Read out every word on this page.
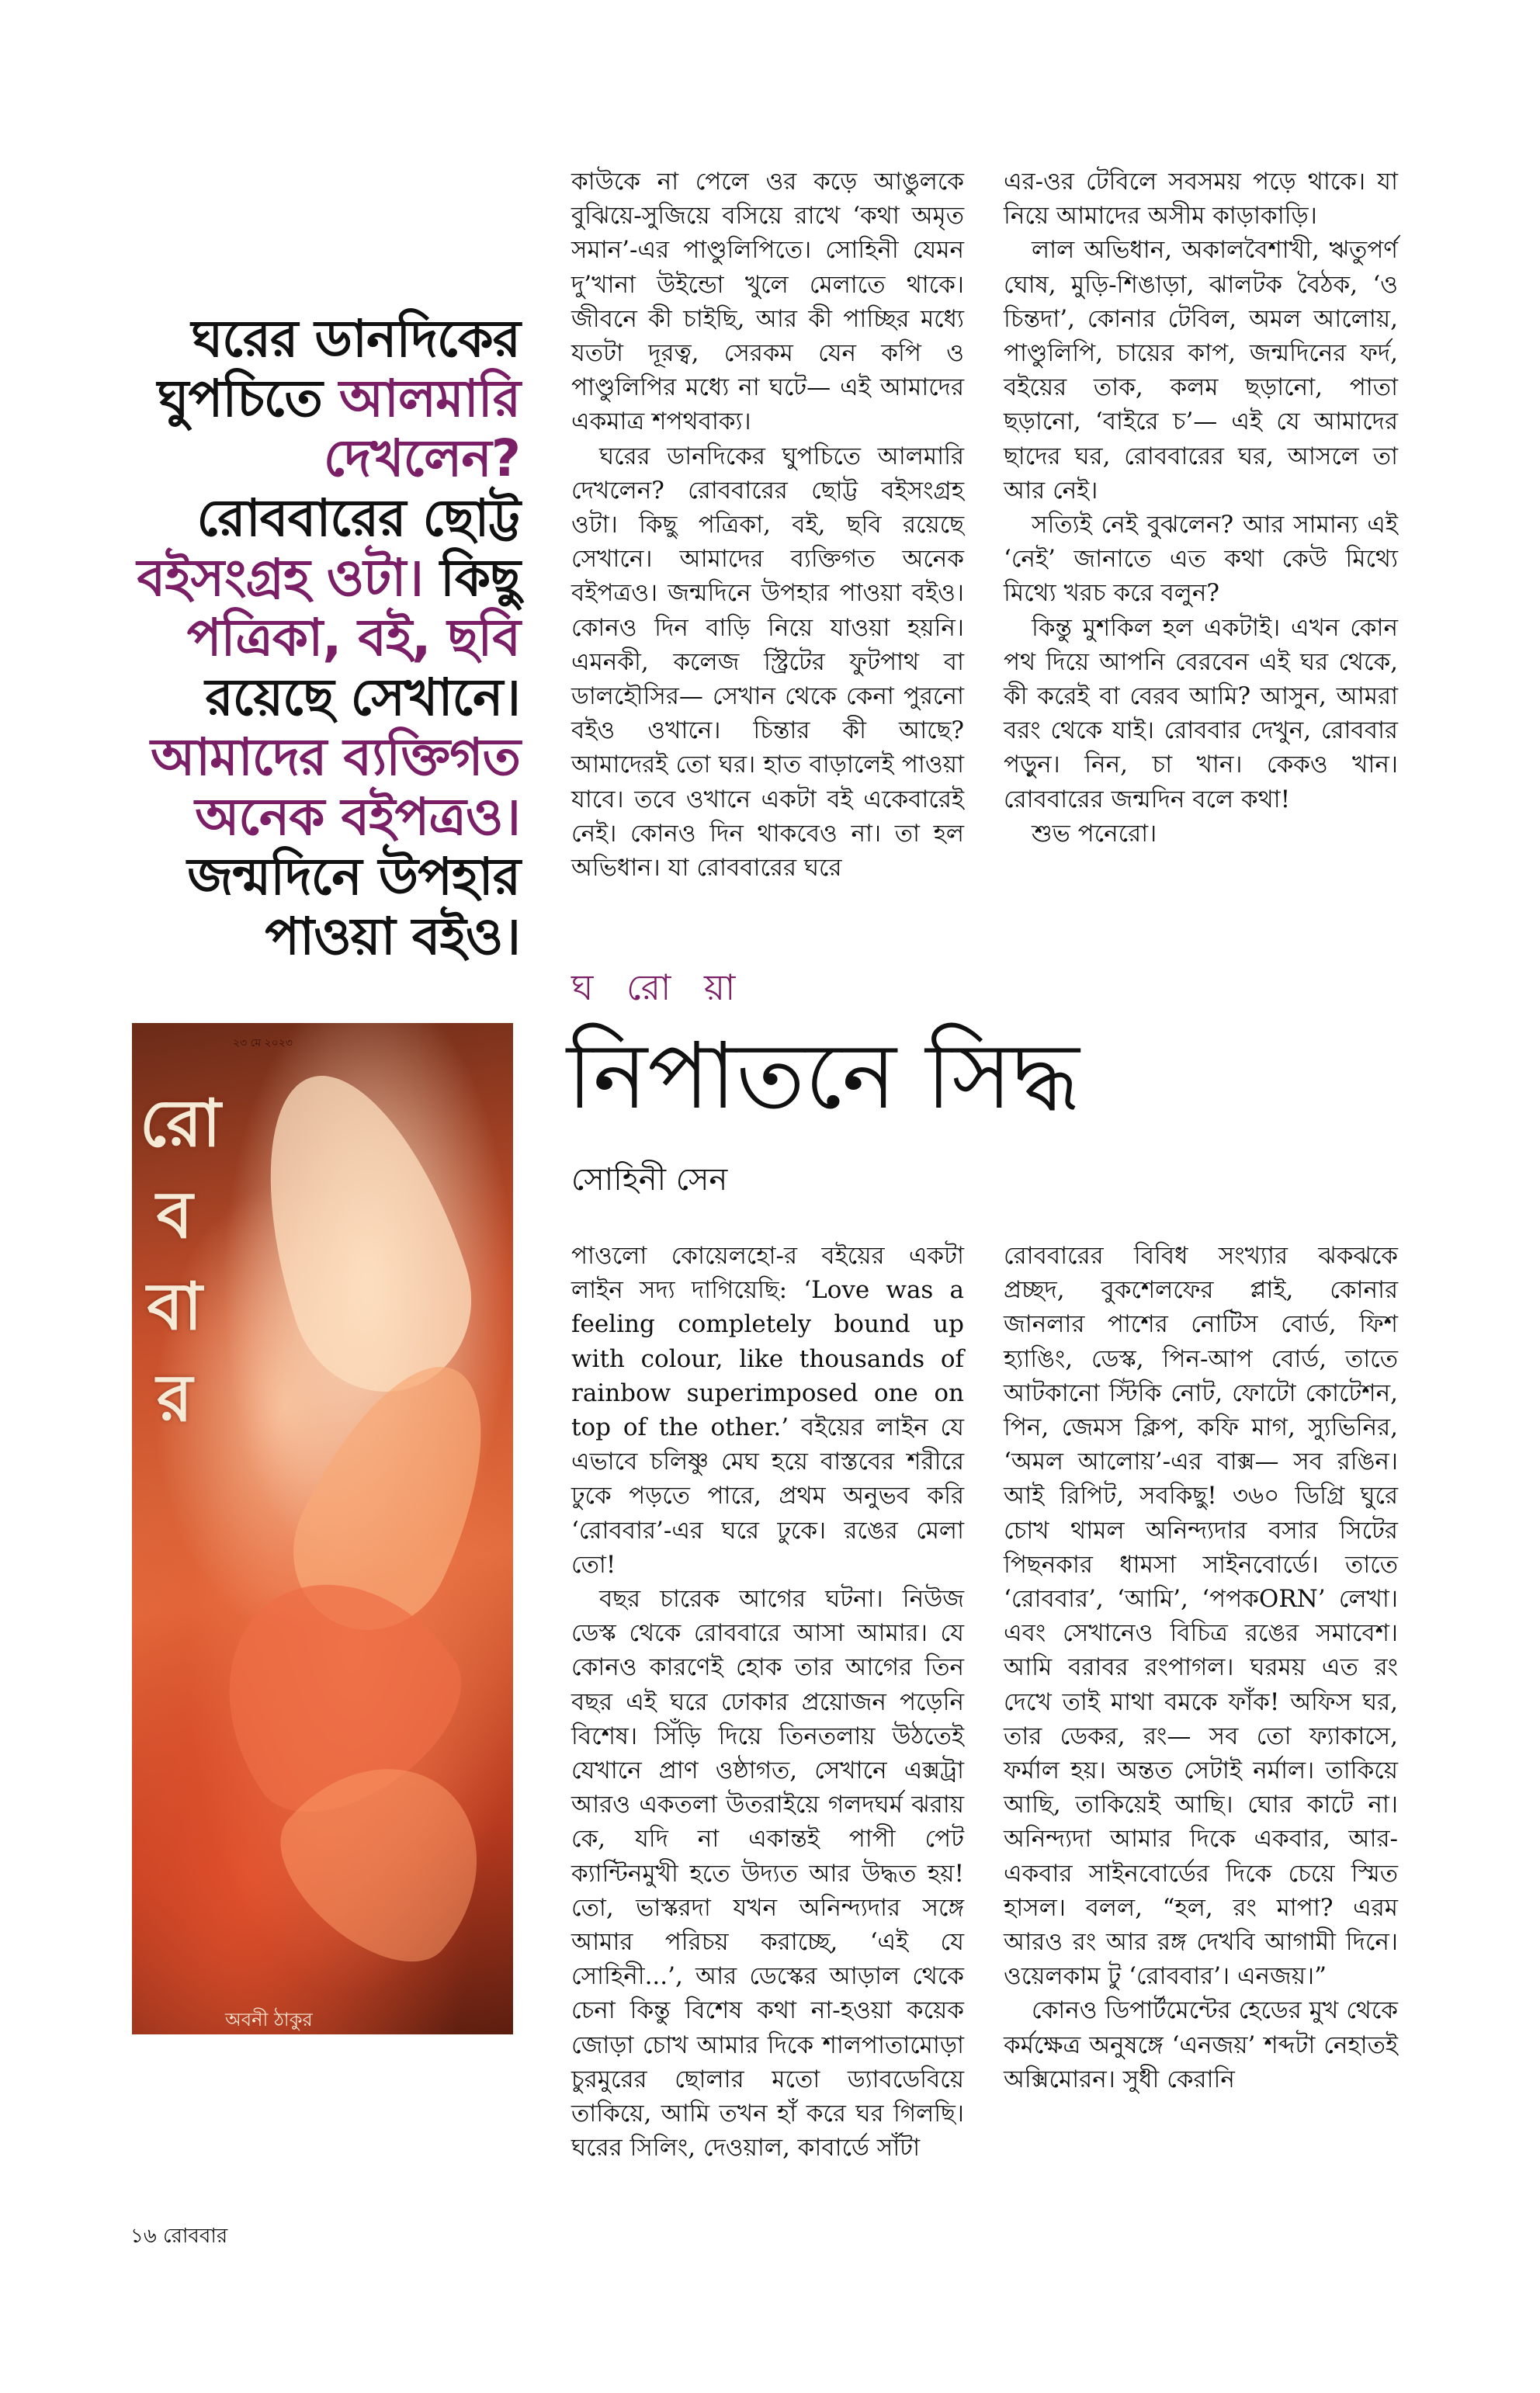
ঘরের ডানদিকের
ঘুপচিতে আলমারি
দেখলেন?
রোববারের ছোট্ট
বইসংগ্রহ ওটা। কিছু
পত্রিকা, বই, ছবি
রয়েছে সেখানে।
আমাদের ব্যক্তিগত
অনেক বইপত্রও।
জন্মদিনে উপহার
পাওয়া বইও।

কাউকে না পেলে ওর কড়ে আঙুলকে বুঝিয়ে-সুজিয়ে বসিয়ে রাখে ‘কথা অমৃত সমান’-এর পাণ্ডুলিপিতে। সোহিনী যেমন দু’খানা উইন্ডো খুলে মেলাতে থাকে। জীবনে কী চাইছি, আর কী পাচ্ছির মধ্যে যতটা দূরত্ব, সেরকম যেন কপি ও পাণ্ডুলিপির মধ্যে না ঘটে— এই আমাদের একমাত্র শপথবাক্য।

ঘরের ডানদিকের ঘুপচিতে আলমারি দেখলেন? রোববারের ছোট্ট বইসংগ্রহ ওটা। কিছু পত্রিকা, বই, ছবি রয়েছে সেখানে। আমাদের ব্যক্তিগত অনেক বইপত্রও। জন্মদিনে উপহার পাওয়া বইও। কোনও দিন বাড়ি নিয়ে যাওয়া হয়নি। এমনকী, কলেজ স্ট্রিটের ফুটপাথ বা ডালহৌসির— সেখান থেকে কেনা পুরনো বইও ওখানে। চিন্তার কী আছে? আমাদেরই তো ঘর। হাত বাড়ালেই পাওয়া যাবে। তবে ওখানে একটা বই একেবারেই নেই। কোনও দিন থাকবেও না। তা হল অভিধান। যা রোববারের ঘরে

এর-ওর টেবিলে সবসময় পড়ে থাকে। যা নিয়ে আমাদের অসীম কাড়াকাড়ি।

লাল অভিধান, অকালবৈশাখী, ঋতুপর্ণ ঘোষ, মুড়ি-শিঙাড়া, ঝালটক বৈঠক, ‘ও চিন্তদা’, কোনার টেবিল, অমল আলোয়, পাণ্ডুলিপি, চায়ের কাপ, জন্মদিনের ফর্দ, বইয়ের তাক, কলম ছড়ানো, পাতা ছড়ানো, ‘বাইরে চ’— এই যে আমাদের ছাদের ঘর, রোববারের ঘর, আসলে তা আর নেই।

সত্যিই নেই বুঝলেন? আর সামান্য এই ‘নেই’ জানাতে এত কথা কেউ মিথ্যে মিথ্যে খরচ করে বলুন?

কিন্তু মুশকিল হল একটাই। এখন কোন পথ দিয়ে আপনি বেরবেন এই ঘর থেকে, কী করেই বা বেরব আমি? আসুন, আমরা বরং থেকে যাই। রোববার দেখুন, রোববার পড়ুন। নিন, চা খান। কেকও খান। রোববারের জন্মদিন বলে কথা!

শুভ পনেরো।

ঘ রো য়া
নিপাতনে সিদ্ধ
সোহিনী সেন
২৩ মে ২০২৩
রো
ব
বা
র
অবনী ঠাকুর

পাওলো কোয়েলহো-র বইয়ের একটা লাইন সদ্য দাগিয়েছি: ‘Love was a feeling completely bound up with colour, like thousands of rainbow superimposed one on top of the other.’ বইয়ের লাইন যে এভাবে চলিষ্ণু মেঘ হয়ে বাস্তবের শরীরে ঢুকে পড়তে পারে, প্রথম অনুভব করি ‘রোববার’-এর ঘরে ঢুকে। রঙের মেলা তো!

বছর চারেক আগের ঘটনা। নিউজ ডেস্ক থেকে রোববারে আসা আমার। যে কোনও কারণেই হোক তার আগের তিন বছর এই ঘরে ঢোকার প্রয়োজন পড়েনি বিশেষ। সিঁড়ি দিয়ে তিনতলায় উঠতেই যেখানে প্রাণ ওষ্ঠাগত, সেখানে এক্সট্রা আরও একতলা উতরাইয়ে গলদঘর্ম ঝরায় কে, যদি না একান্তই পাপী পেট ক্যান্টিনমুখী হতে উদ্যত আর উদ্ধত হয়! তো, ভাস্করদা যখন অনিন্দ্যদার সঙ্গে আমার পরিচয় করাচ্ছে, ‘এই যে সোহিনী...’, আর ডেস্কের আড়াল থেকে চেনা কিন্তু বিশেষ কথা না-হওয়া কয়েক জোড়া চোখ আমার দিকে শালপাতামোড়া চুরমুরের ছোলার মতো ড্যাবডেবিয়ে তাকিয়ে, আমি তখন হাঁ করে ঘর গিলছি। ঘরের সিলিং, দেওয়াল, কাবার্ডে সাঁটা

রোববারের বিবিধ সংখ্যার ঝকঝকে প্রচ্ছদ, বুকশেলফের প্লাই, কোনার জানলার পাশের নোটিস বোর্ড, ফিশ হ্যাঙিং, ডেস্ক, পিন-আপ বোর্ড, তাতে আটকানো স্টিকি নোট, ফোটো কোটেশন, পিন, জেমস ক্লিপ, কফি মাগ, স্যুভিনির, ‘অমল আলোয়’-এর বাক্স— সব রঙিন। আই রিপিট, সবকিছু! ৩৬০ ডিগ্রি ঘুরে চোখ থামল অনিন্দ্যদার বসার সিটের পিছনকার ধামসা সাইনবোর্ডে। তাতে ‘রোববার’, ‘আমি’, ‘পপকORN’ লেখা। এবং সেখানেও বিচিত্র রঙের সমাবেশ। আমি বরাবর রংপাগল। ঘরময় এত রং দেখে তাই মাথা বমকে ফাঁক! অফিস ঘর, তার ডেকর, রং— সব তো ফ্যাকাসে, ফর্মাল হয়। অন্তত সেটাই নর্মাল। তাকিয়ে আছি, তাকিয়েই আছি। ঘোর কাটে না। অনিন্দ্যদা আমার দিকে একবার, আর-একবার সাইনবোর্ডের দিকে চেয়ে স্মিত হাসল। বলল, “হল, রং মাপা? এরম আরও রং আর রঙ্গ দেখবি আগামী দিনে। ওয়েলকাম টু ‘রোববার’। এনজয়।”

কোনও ডিপার্টমেন্টের হেডের মুখ থেকে কর্মক্ষেত্র অনুষঙ্গে ‘এনজয়’ শব্দটা নেহাতই অক্সিমোরন। সুধী কেরানি

১৬ রোববার
